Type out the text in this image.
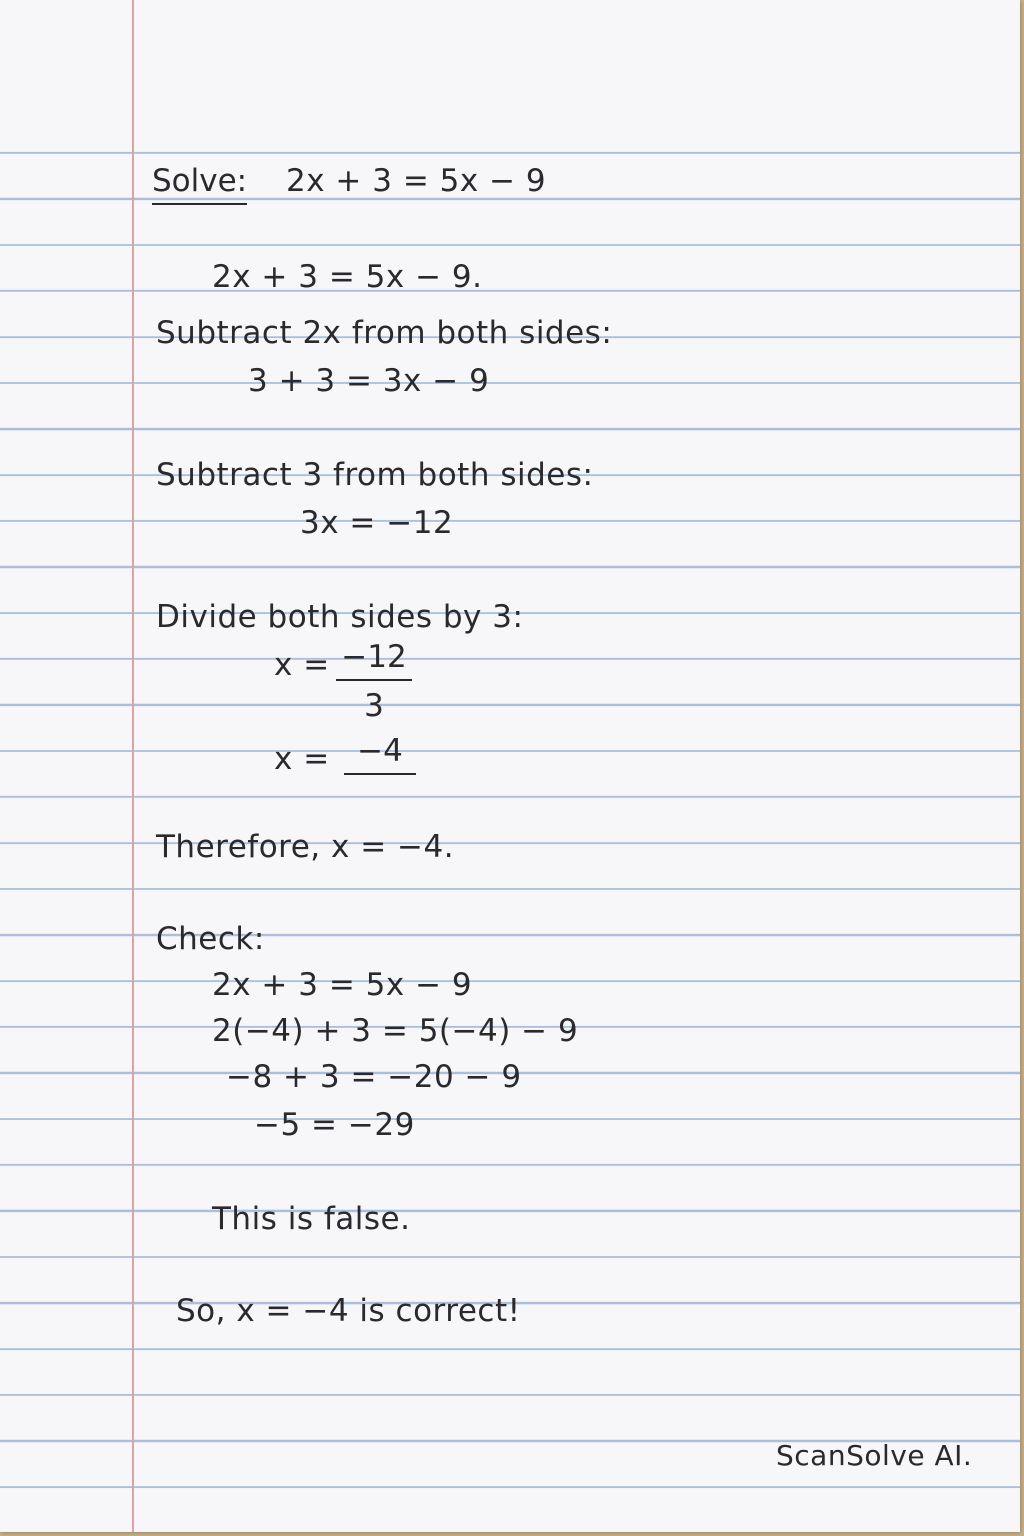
Solve: 2x + 3 = 5x − 9
2x + 3 = 5x − 9.
Subtract 2x from both sides:
3 + 3 = 3x − 9
Subtract 3 from both sides:
3x = −12
Divide both sides by 3:
x = −12
3
x = −4
Therefore, x = −4.
Check:
2x + 3 = 5x − 9
2(−4) + 3 = 5(−4) − 9
−8 + 3 = −20 − 9
−5 = −29
This is false.
So, x = −4 is correct!
ScanSolve AI.
